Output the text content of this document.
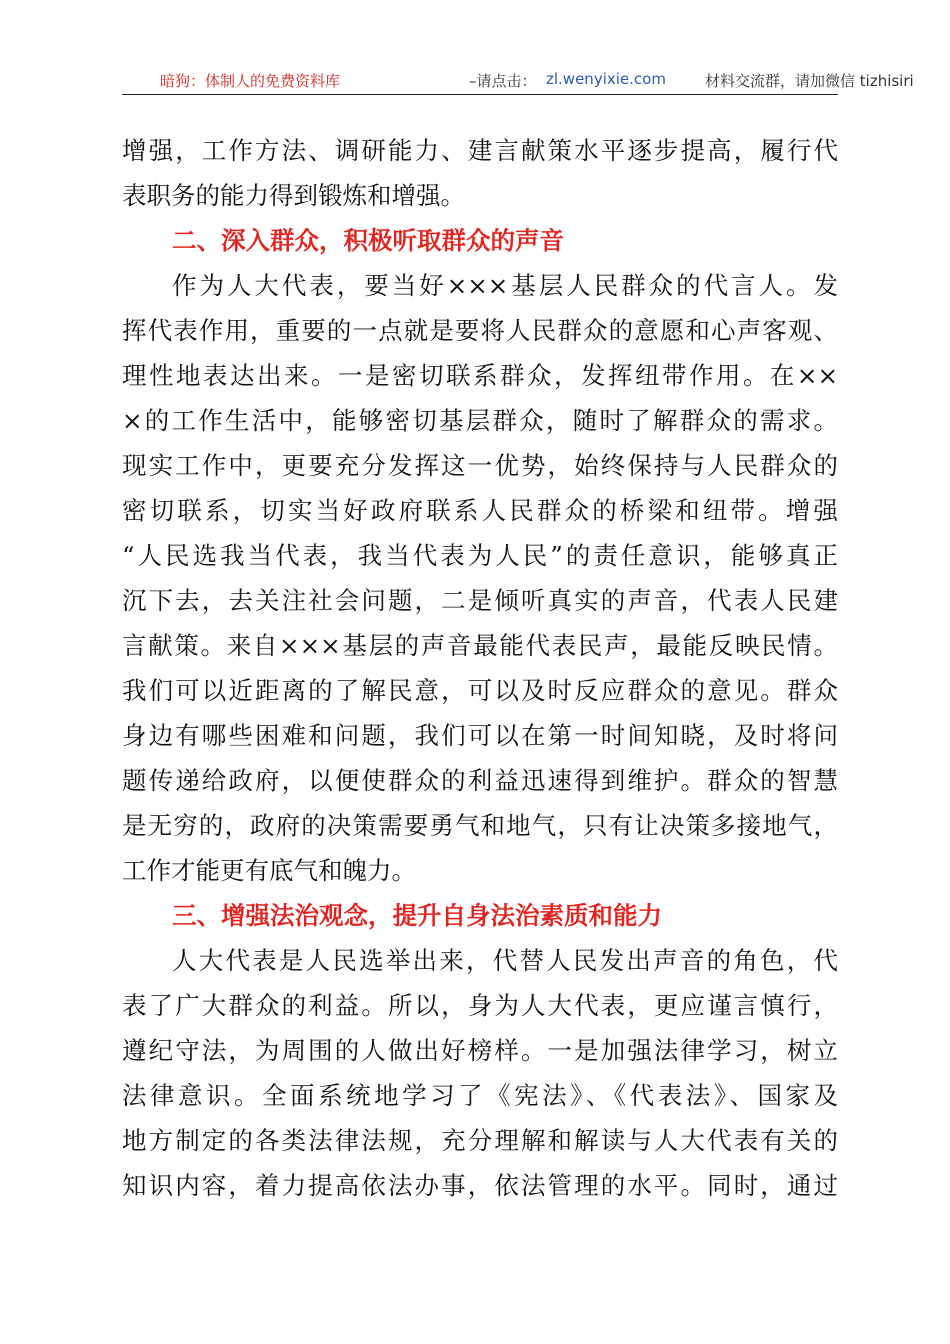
暗狗：体制人的免费资料库	–请点击： zl.wenyixie.com	材料交流群，请加微信 tizhisiri
增强，工作方法、调研能力、建言献策水平逐步提高，履行代
表职务的能力得到锻炼和增强。
二、深入群众，积极听取群众的声音
作为人大代表，要当好×××基层人民群众的代言人。发
挥代表作用，重要的一点就是要将人民群众的意愿和心声客观、
理性地表达出来。一是密切联系群众，发挥纽带作用。在××
×的工作生活中，能够密切基层群众，随时了解群众的需求。
现实工作中，更要充分发挥这一优势，始终保持与人民群众的
密切联系，切实当好政府联系人民群众的桥梁和纽带。增强
“人民选我当代表，我当代表为人民”的责任意识，能够真正
沉下去，去关注社会问题，二是倾听真实的声音，代表人民建
言献策。来自×××基层的声音最能代表民声，最能反映民情。
我们可以近距离的了解民意，可以及时反应群众的意见。群众
身边有哪些困难和问题，我们可以在第一时间知晓，及时将问
题传递给政府，以便使群众的利益迅速得到维护。群众的智慧
是无穷的，政府的决策需要勇气和地气，只有让决策多接地气，
工作才能更有底气和魄力。
三、增强法治观念，提升自身法治素质和能力
人大代表是人民选举出来，代替人民发出声音的角色，代
表了广大群众的利益。所以，身为人大代表，更应谨言慎行，
遵纪守法，为周围的人做出好榜样。一是加强法律学习，树立
法律意识。全面系统地学习了《宪法》、《代表法》、国家及
地方制定的各类法律法规，充分理解和解读与人大代表有关的
知识内容，着力提高依法办事，依法管理的水平。同时，通过
